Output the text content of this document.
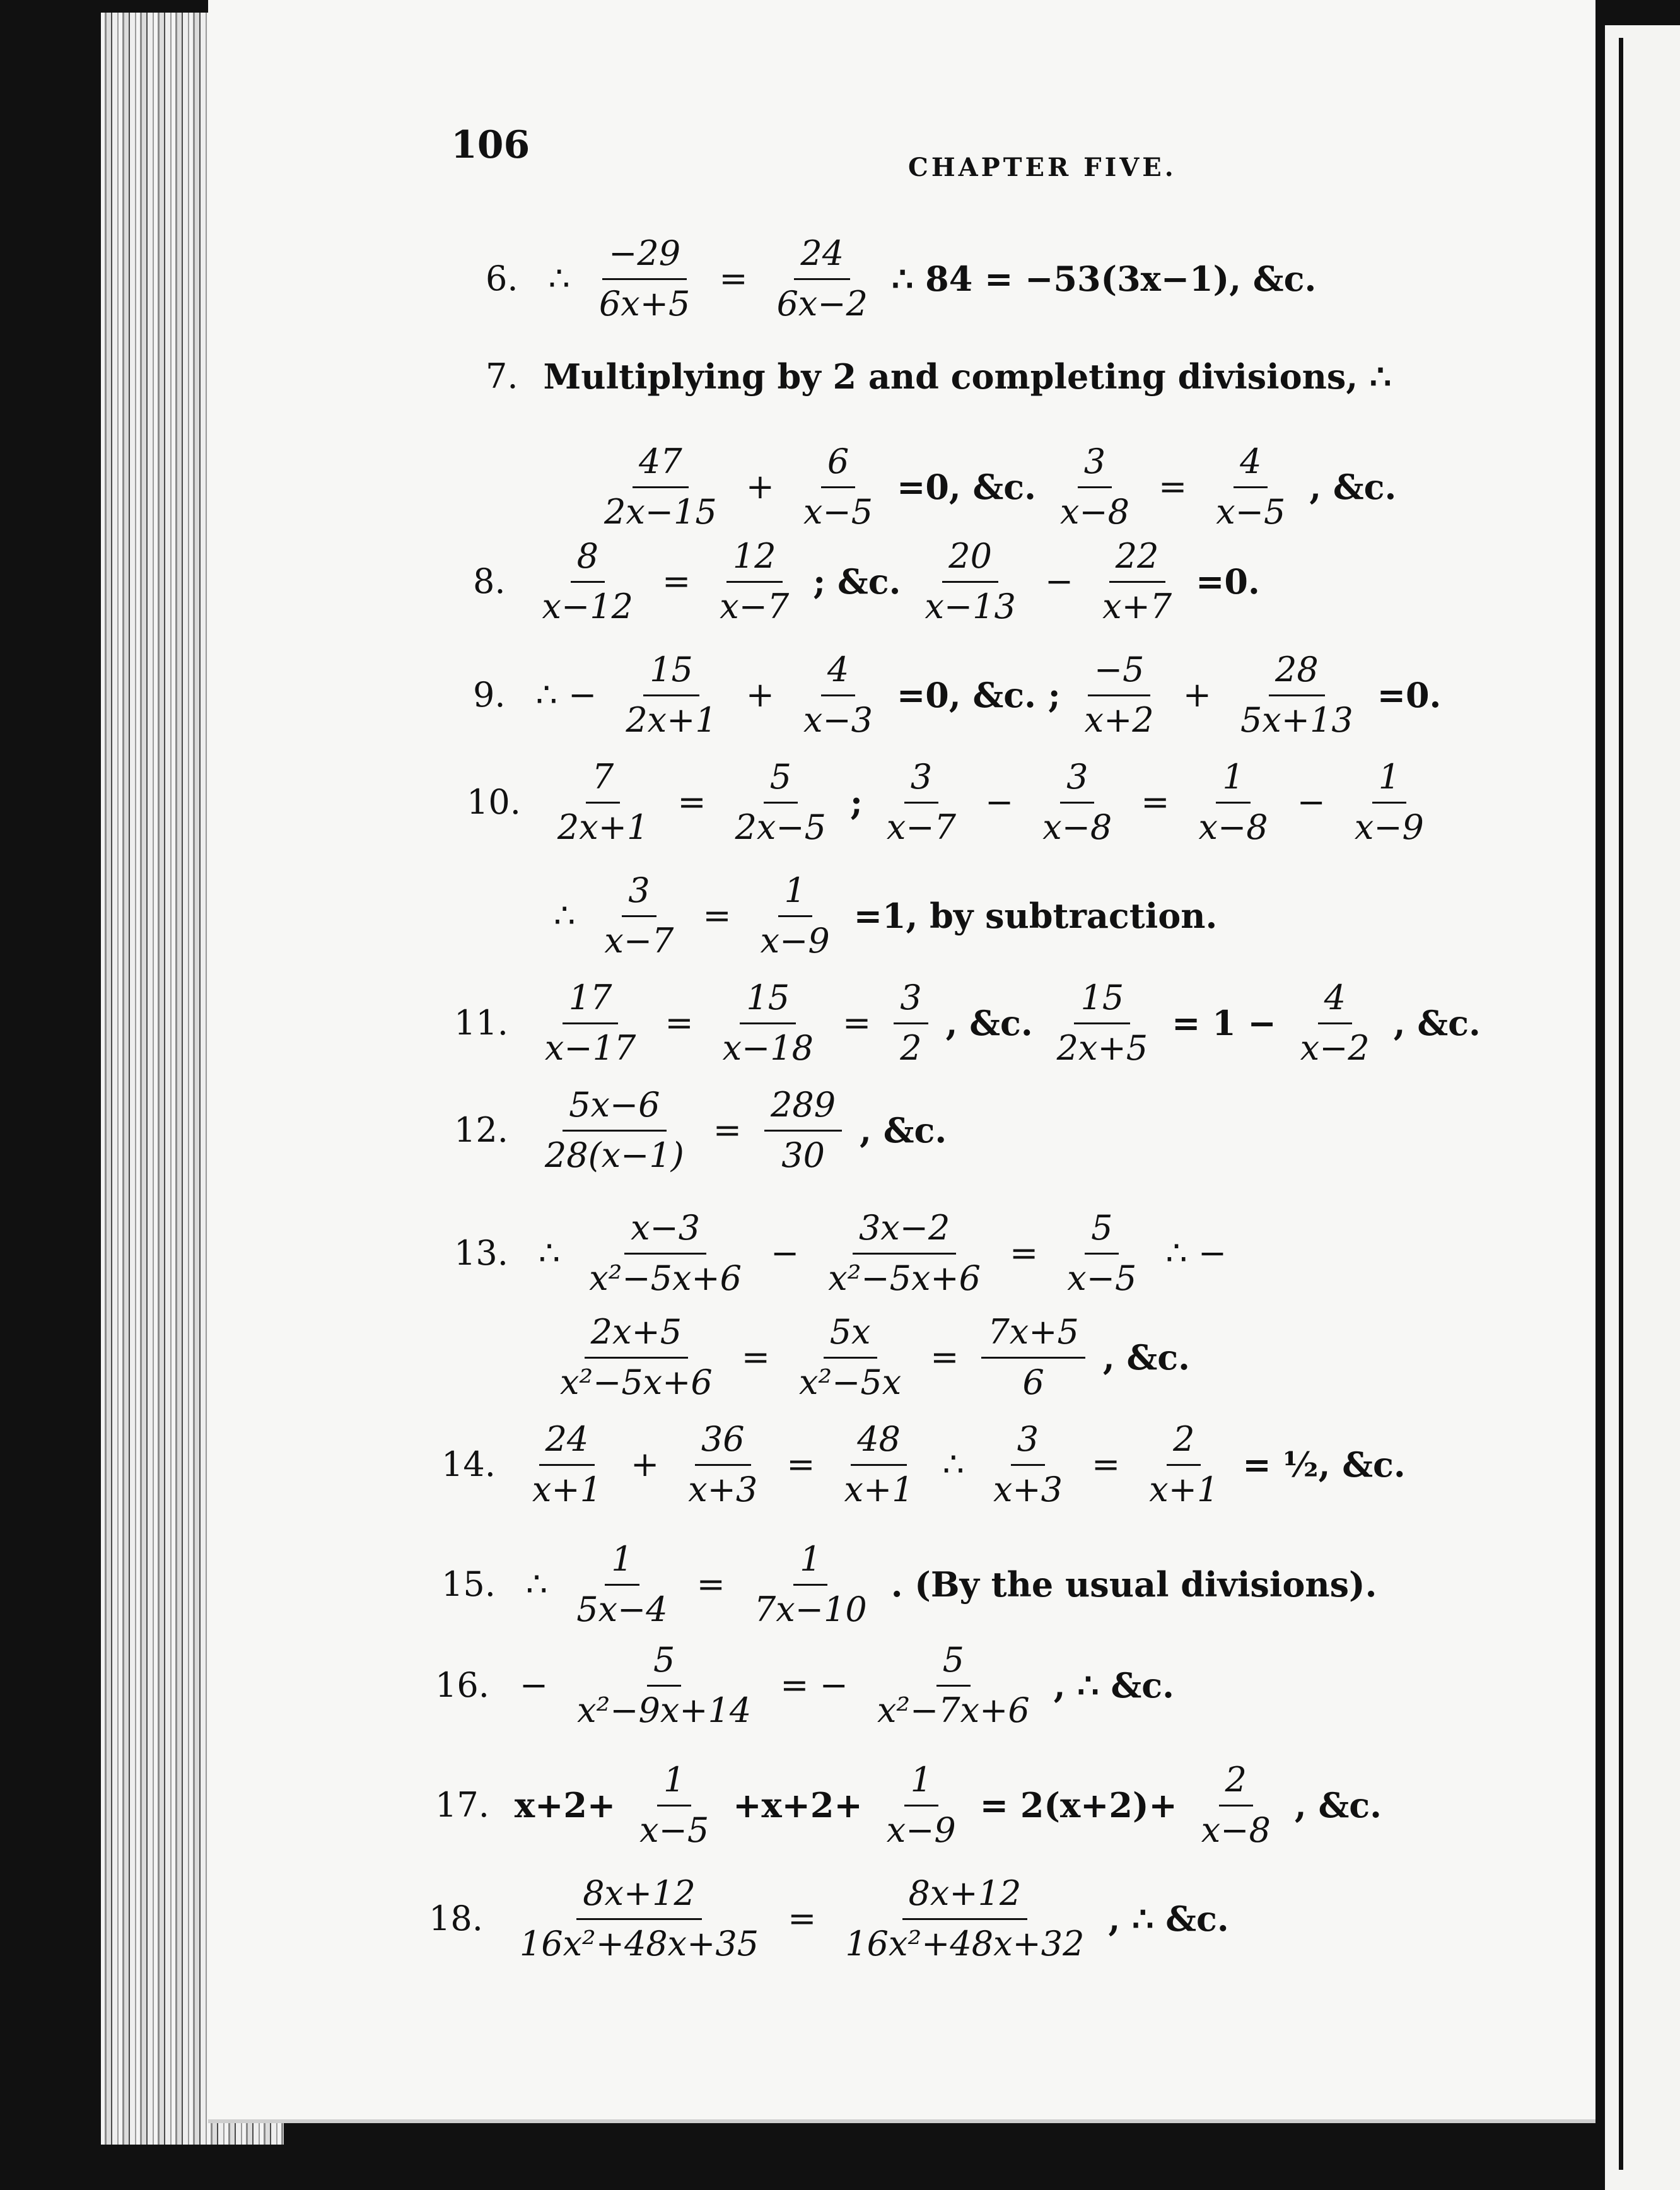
106
CHAPTER FIVE.
6. ∴ $\frac{-29}{6x+5} = \frac{24}{6x-2}$ ∴ 84 = −53(3x−1), &c.
7. Multiplying by 2 and completing divisions, ∴
$\frac{47}{2x-15} + \frac{6}{x-5} =0$, &c. $\frac{3}{x-8} = \frac{4}{x-5}$ , &c.
8. $\frac{8}{x-12} = \frac{12}{x-7}$ ; &c. $\frac{20}{x-13} - \frac{22}{x+7} =0$.
9. ∴ − $\frac{15}{2x+1} + \frac{4}{x-3} =0$, &c. ; $\frac{-5}{x+2} + \frac{28}{5x+13} =0$.
10. $\frac{7}{2x+1} = \frac{5}{2x-5}$ ; $\frac{3}{x-7} - \frac{3}{x-8} = \frac{1}{x-8} - \frac{1}{x-9}$
∴ $\frac{3}{x-7} = \frac{1}{x-9} =1$, by subtraction.
11. $\frac{17}{x-17} = \frac{15}{x-18} = \frac{3}{2}$ , &c. $\frac{15}{2x+5} = 1 - \frac{4}{x-2}$ , &c.
12. $\frac{5x-6}{28(x-1)} = \frac{289}{30}$ , &c.
13. ∴ $\frac{x-3}{\text{x²−5x+6}} - \frac{3x-2}{\text{x²−5x+6}} = \frac{5}{x-5}$ ∴ −
$\frac{2x+5}{\text{x²−5x+6}} = \frac{5x}{\text{x²−5x}} = \frac{7x+5}{6}$ , &c.
14. $\frac{24}{x+1} + \frac{36}{x+3} = \frac{48}{x+1}$ ∴ $\frac{3}{x+3} = \frac{2}{x+1}$ = ½, &c.
15. ∴ $\frac{1}{5x-4} = \frac{1}{7x-10}$ . (By the usual divisions).
16. − $\frac{5}{\text{x²−9x+14}}$ = − $\frac{5}{\text{x²−7x+6}}$ , ∴ &c.
17. $x+2+ \frac{1}{x-5} +x+2+ \frac{1}{x-9} = 2(x+2)+ \frac{2}{x-8}$ , &c.
18. $\frac{8x+12}{\text{16x²+48x+35}} = \frac{8x+12}{\text{16x²+48x+32}}$ , ∴ &c.
